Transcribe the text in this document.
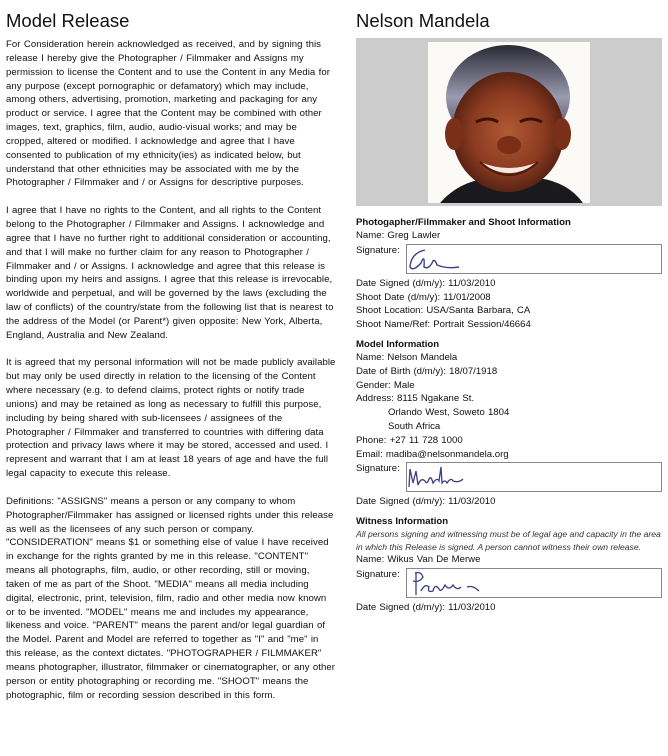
Model Release

For Consideration herein acknowledged as received, and by signing this release I hereby give the Photographer / Filmmaker and Assigns my permission to license the Content and to use the Content in any Media for any purpose (except pornographic or defamatory) which may include, among others, advertising, promotion, marketing and packaging for any product or service. I agree that the Content may be combined with other images, text, graphics, film, audio, audio-visual works; and may be cropped, altered or modified. I acknowledge and agree that I have consented to publication of my ethnicity(ies) as indicated below, but understand that other ethnicities may be associated with me by the Photographer / Filmmaker and / or Assigns for descriptive purposes.

I agree that I have no rights to the Content, and all rights to the Content belong to the Photographer / Filmmaker and Assigns. I acknowledge and agree that I have no further right to additional consideration or accounting, and that I will make no further claim for any reason to Photographer / Filmmaker and / or Assigns. I acknowledge and agree that this release is binding upon my heirs and assigns. I agree that this release is irrevocable, worldwide and perpetual, and will be governed by the laws (excluding the law of conflicts) of the country/state from the following list that is nearest to the address of the Model (or Parent*) given opposite: New York, Alberta, England, Australia and New Zealand.

It is agreed that my personal information will not be made publicly available but may only be used directly in relation to the licensing of the Content where necessary (e.g. to defend claims, protect rights or notify trade unions) and may be retained as long as necessary to fulfill this purpose, including by being shared with sub-licensees / assignees of the Photographer / Filmmaker and transferred to countries with differing data protection and privacy laws where it may be stored, accessed and used. I represent and warrant that I am at least 18 years of age and have the full legal capacity to execute this release.

Definitions: "ASSIGNS" means a person or any company to whom Photographer/Filmmaker has assigned or licensed rights under this release as well as the licensees of any such person or company. "CONSIDERATION" means $1 or something else of value I have received in exchange for the rights granted by me in this release. "CONTENT" means all photographs, film, audio, or other recording, still or moving, taken of me as part of the Shoot. "MEDIA" means all media including digital, electronic, print, television, film, radio and other media now known or to be invented. "MODEL" means me and includes my appearance, likeness and voice. "PARENT" means the parent and/or legal guardian of the Model. Parent and Model are referred to together as "I" and "me" in this release, as the context dictates. "PHOTOGRAPHER / FILMMAKER" means photographer, illustrator, filmmaker or cinematographer, or any other person or entity photographing or recording me. "SHOOT" means the photographic, film or recording session described in this form.

Nelson Mandela

Photogapher/Filmmaker and Shoot Information

Name: Greg Lawler

Signature:

Date Signed (d/m/y): 11/03/2010

Shoot Date (d/m/y): 11/01/2008

Shoot Location: USA/Santa Barbara, CA

Shoot Name/Ref: Portrait Session/46664

Model Information

Name: Nelson Mandela

Date of Birth (d/m/y): 18/07/1918

Gender: Male

Address: 8115 Ngakane St.

Orlando West, Soweto 1804

South Africa

Phone: +27 11 728 1000

Email: madiba@nelsonmandela.org

Signature:

Date Signed (d/m/y): 11/03/2010

Witness Information

All persons signing and witnessing must be of legal age and capacity in the area in which this Release is signed. A person cannot witness their own release.

Name: Wikus Van De Merwe

Signature:

Date Signed (d/m/y): 11/03/2010
